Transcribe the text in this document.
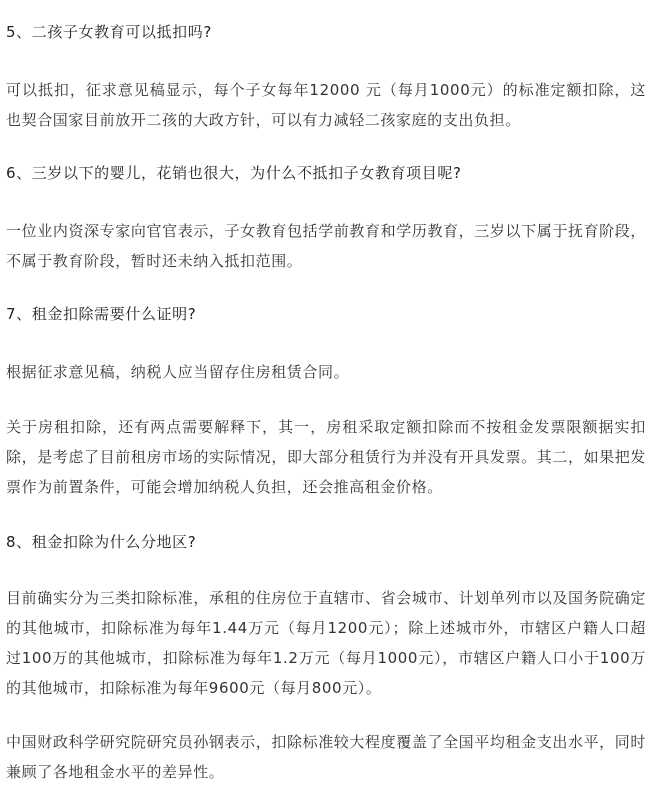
5、二孩子女教育可以抵扣吗?

可以抵扣，征求意见稿显示，每个子女每年12000 元（每月1000元）的标准定额扣除，这也契合国家目前放开二孩的大政方针，可以有力减轻二孩家庭的支出负担。

6、三岁以下的婴儿，花销也很大，为什么不抵扣子女教育项目呢?

一位业内资深专家向官官表示，子女教育包括学前教育和学历教育，三岁以下属于抚育阶段，不属于教育阶段，暂时还未纳入抵扣范围。

7、租金扣除需要什么证明?

根据征求意见稿，纳税人应当留存住房租赁合同。

关于房租扣除，还有两点需要解释下，其一，房租采取定额扣除而不按租金发票限额据实扣除，是考虑了目前租房市场的实际情况，即大部分租赁行为并没有开具发票。其二，如果把发票作为前置条件，可能会增加纳税人负担，还会推高租金价格。

8、租金扣除为什么分地区?

目前确实分为三类扣除标准，承租的住房位于直辖市、省会城市、计划单列市以及国务院确定的其他城市，扣除标准为每年1.44万元（每月1200元）；除上述城市外，市辖区户籍人口超过100万的其他城市，扣除标准为每年1.2万元（每月1000元），市辖区户籍人口小于100万的其他城市，扣除标准为每年9600元（每月800元）。

中国财政科学研究院研究员孙钢表示，扣除标准较大程度覆盖了全国平均租金支出水平，同时兼顾了各地租金水平的差异性。
